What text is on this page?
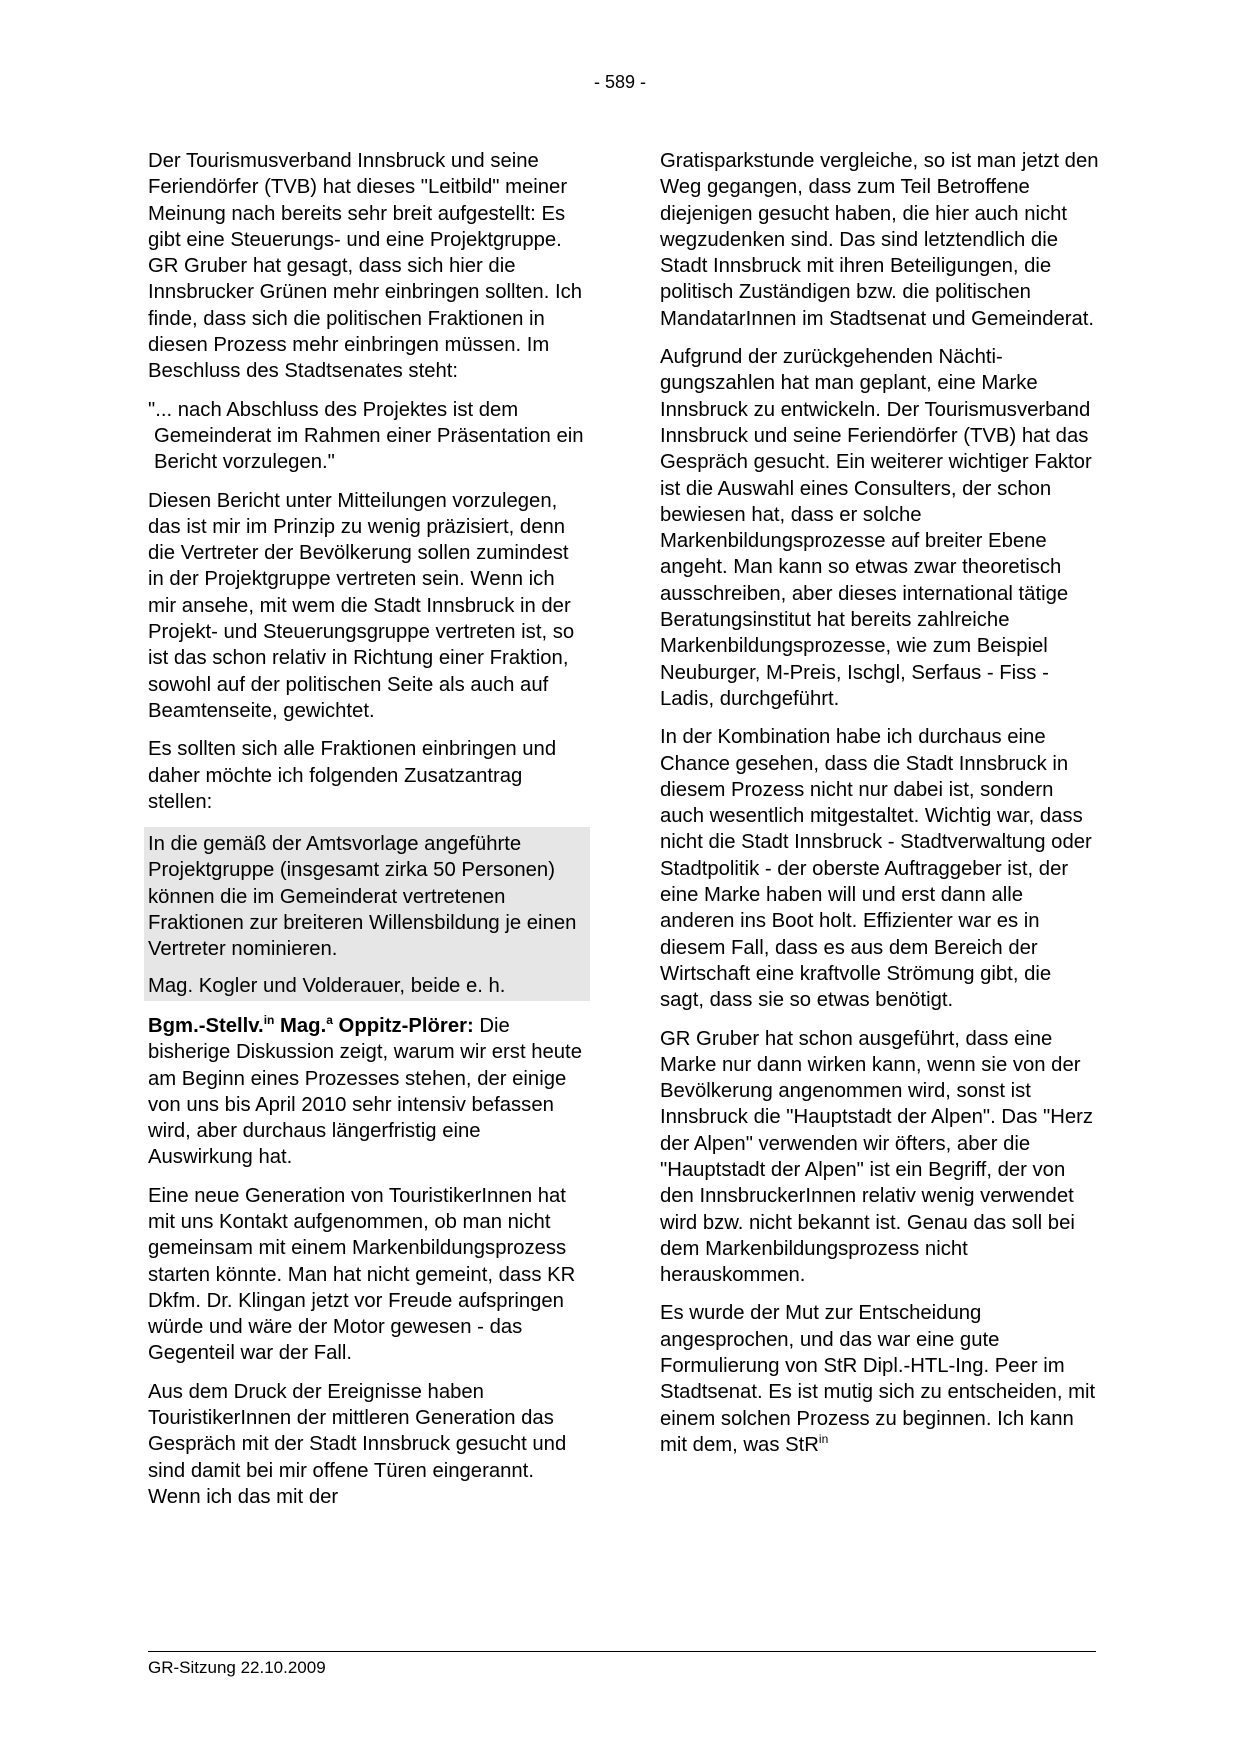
- 589 -

Der Tourismusverband Innsbruck und seine Feriendörfer (TVB) hat dieses "Leitbild" meiner Meinung nach bereits sehr breit aufgestellt: Es gibt eine Steuerungs- und eine Projektgruppe. GR Gruber hat gesagt, dass sich hier die Innsbrucker Grünen mehr einbringen sollten. Ich finde, dass sich die politischen Fraktionen in diesen Prozess mehr einbringen müssen. Im Beschluss des Stadtsenates steht:

"... nach Abschluss des Projektes ist dem
Gemeinderat im Rahmen einer Präsentation ein Bericht vorzulegen."

Diesen Bericht unter Mitteilungen vorzulegen, das ist mir im Prinzip zu wenig präzisiert, denn die Vertreter der Bevölkerung sollen zumindest in der Projektgruppe vertreten sein. Wenn ich mir ansehe, mit wem die Stadt Innsbruck in der Projekt- und Steuerungsgruppe vertreten ist, so ist das schon relativ in Richtung einer Fraktion, sowohl auf der politischen Seite als auch auf Beamtenseite, gewichtet.

Es sollten sich alle Fraktionen einbringen und daher möchte ich folgenden Zusatzantrag stellen:

In die gemäß der Amtsvorlage angeführte Projektgruppe (insgesamt zirka 50 Personen) können die im Gemeinderat vertretenen Fraktionen zur breiteren Willensbildung je einen Vertreter nominieren.

Mag. Kogler und Volderauer, beide e. h.

Bgm.-Stellv.$^{in}$ Mag.$^a$ Oppitz-Plörer: Die bisherige Diskussion zeigt, warum wir erst heute am Beginn eines Prozesses stehen, der einige von uns bis April 2010 sehr intensiv befassen wird, aber durchaus längerfristig eine Auswirkung hat.

Eine neue Generation von TouristikerInnen hat mit uns Kontakt aufgenommen, ob man nicht gemeinsam mit einem Markenbildungsprozess starten könnte. Man hat nicht gemeint, dass KR Dkfm. Dr. Klingan jetzt vor Freude aufspringen würde und wäre der Motor gewesen - das Gegenteil war der Fall.

Aus dem Druck der Ereignisse haben TouristikerInnen der mittleren Generation das Gespräch mit der Stadt Innsbruck gesucht und sind damit bei mir offene Türen eingerannt. Wenn ich das mit der

Gratisparkstunde vergleiche, so ist man jetzt den Weg gegangen, dass zum Teil Betroffene diejenigen gesucht haben, die hier auch nicht wegzudenken sind. Das sind letztendlich die Stadt Innsbruck mit ihren Beteiligungen, die politisch Zuständigen bzw. die politischen MandatarInnen im Stadtsenat und Gemeinderat.

Aufgrund der zurückgehenden Nächtigungszahlen hat man geplant, eine Marke Innsbruck zu entwickeln. Der Tourismusverband Innsbruck und seine Feriendörfer (TVB) hat das Gespräch gesucht. Ein weiterer wichtiger Faktor ist die Auswahl eines Consulters, der schon bewiesen hat, dass er solche Markenbildungsprozesse auf breiter Ebene angeht. Man kann so etwas zwar theoretisch ausschreiben, aber dieses international tätige Beratungsinstitut hat bereits zahlreiche Markenbildungsprozesse, wie zum Beispiel Neuburger, M-Preis, Ischgl, Serfaus - Fiss - Ladis, durchgeführt.

In der Kombination habe ich durchaus eine Chance gesehen, dass die Stadt Innsbruck in diesem Prozess nicht nur dabei ist, sondern auch wesentlich mitgestaltet. Wichtig war, dass nicht die Stadt Innsbruck - Stadtverwaltung oder Stadtpolitik - der oberste Auftraggeber ist, der eine Marke haben will und erst dann alle anderen ins Boot holt. Effizienter war es in diesem Fall, dass es aus dem Bereich der Wirtschaft eine kraftvolle Strömung gibt, die sagt, dass sie so etwas benötigt.

GR Gruber hat schon ausgeführt, dass eine Marke nur dann wirken kann, wenn sie von der Bevölkerung angenommen wird, sonst ist Innsbruck die "Hauptstadt der Alpen". Das "Herz der Alpen" verwenden wir öfters, aber die "Hauptstadt der Alpen" ist ein Begriff, der von den InnsbruckerInnen relativ wenig verwendet wird bzw. nicht bekannt ist. Genau das soll bei dem Markenbildungsprozess nicht herauskommen.

Es wurde der Mut zur Entscheidung angesprochen, und das war eine gute Formulierung von StR Dipl.-HTL-Ing. Peer im Stadtsenat. Es ist mutig sich zu entscheiden, mit einem solchen Prozess zu beginnen. Ich kann mit dem, was StR$^{in}$

GR-Sitzung 22.10.2009
